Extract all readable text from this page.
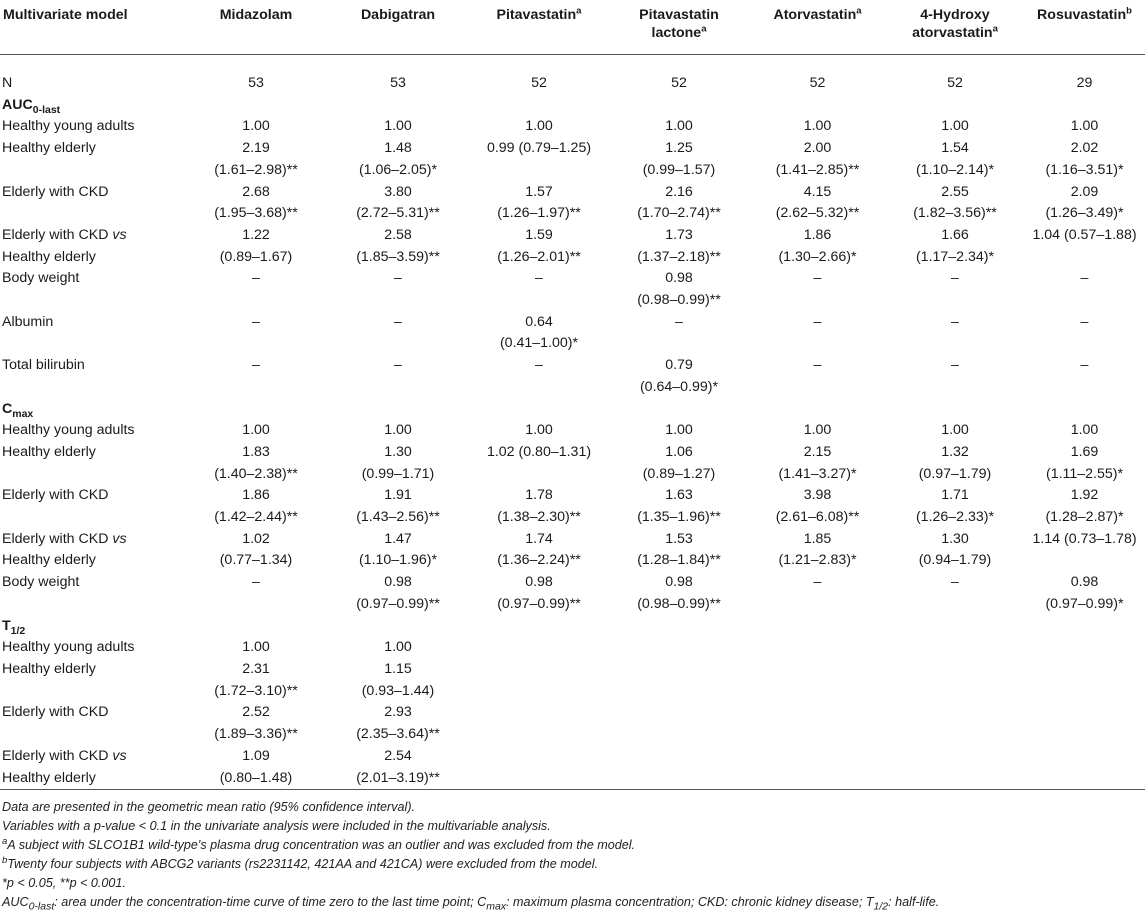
Multivariate model	Midazolam	Dabigatran	Pitavastatin$^a$	Pitavastatin lactone$^a$	Atorvastatin$^a$	4-Hydroxy atorvastatin$^a$	Rosuvastatin$^b$

N	53	53	52	52	52	52	29
$AUC_{0-last}$							
Healthy young adults	1.00	1.00	1.00	1.00	1.00	1.00	1.00
Healthy elderly	2.19	1.48	0.99 (0.79–1.25)	1.25	2.00	1.54	2.02
	(1.61–2.98)**	(1.06–2.05)*		(0.99–1.57)	(1.41–2.85)**	(1.10–2.14)*	(1.16–3.51)*
Elderly with CKD	2.68	3.80	1.57	2.16	4.15	2.55	2.09
	(1.95–3.68)**	(2.72–5.31)**	(1.26–1.97)**	(1.70–2.74)**	(2.62–5.32)**	(1.82–3.56)**	(1.26–3.49)*
Elderly with CKD vs	1.22	2.58	1.59	1.73	1.86	1.66	1.04 (0.57–1.88)
Healthy elderly	(0.89–1.67)	(1.85–3.59)**	(1.26–2.01)**	(1.37–2.18)**	(1.30–2.66)*	(1.17–2.34)*	
Body weight	–	–	–	0.98	–	–	–
				(0.98–0.99)**			
Albumin	–	–	0.64	–	–	–	–
			(0.41–1.00)*				
Total bilirubin	–	–	–	0.79	–	–	–
				(0.64–0.99)*			
$C_{max}$							
Healthy young adults	1.00	1.00	1.00	1.00	1.00	1.00	1.00
Healthy elderly	1.83	1.30	1.02 (0.80–1.31)	1.06	2.15	1.32	1.69
	(1.40–2.38)**	(0.99–1.71)		(0.89–1.27)	(1.41–3.27)*	(0.97–1.79)	(1.11–2.55)*
Elderly with CKD	1.86	1.91	1.78	1.63	3.98	1.71	1.92
	(1.42–2.44)**	(1.43–2.56)**	(1.38–2.30)**	(1.35–1.96)**	(2.61–6.08)**	(1.26–2.33)*	(1.28–2.87)*
Elderly with CKD vs	1.02	1.47	1.74	1.53	1.85	1.30	1.14 (0.73–1.78)
Healthy elderly	(0.77–1.34)	(1.10–1.96)*	(1.36–2.24)**	(1.28–1.84)**	(1.21–2.83)*	(0.94–1.79)	
Body weight	–	0.98	0.98	0.98	–	–	0.98
		(0.97–0.99)**	(0.97–0.99)**	(0.98–0.99)**			(0.97–0.99)*
$T_{1/2}$							
Healthy young adults	1.00	1.00					
Healthy elderly	2.31	1.15					
	(1.72–3.10)**	(0.93–1.44)					
Elderly with CKD	2.52	2.93					
	(1.89–3.36)**	(2.35–3.64)**					
Elderly with CKD vs	1.09	2.54					
Healthy elderly	(0.80–1.48)	(2.01–3.19)**					
Data are presented in the geometric mean ratio (95% confidence interval).
Variables with a p-value < 0.1 in the univariate analysis were included in the multivariable analysis.
$^a$A subject with SLCO1B1 wild-type's plasma drug concentration was an outlier and was excluded from the model.
$^b$Twenty four subjects with ABCG2 variants (rs2231142, 421AA and 421CA) were excluded from the model.
*p < 0.05, **p < 0.001.
$AUC_{0-last}$: area under the concentration-time curve of time zero to the last time point; $C_{max}$: maximum plasma concentration; CKD: chronic kidney disease; $T_{1/2}$: half-life.
